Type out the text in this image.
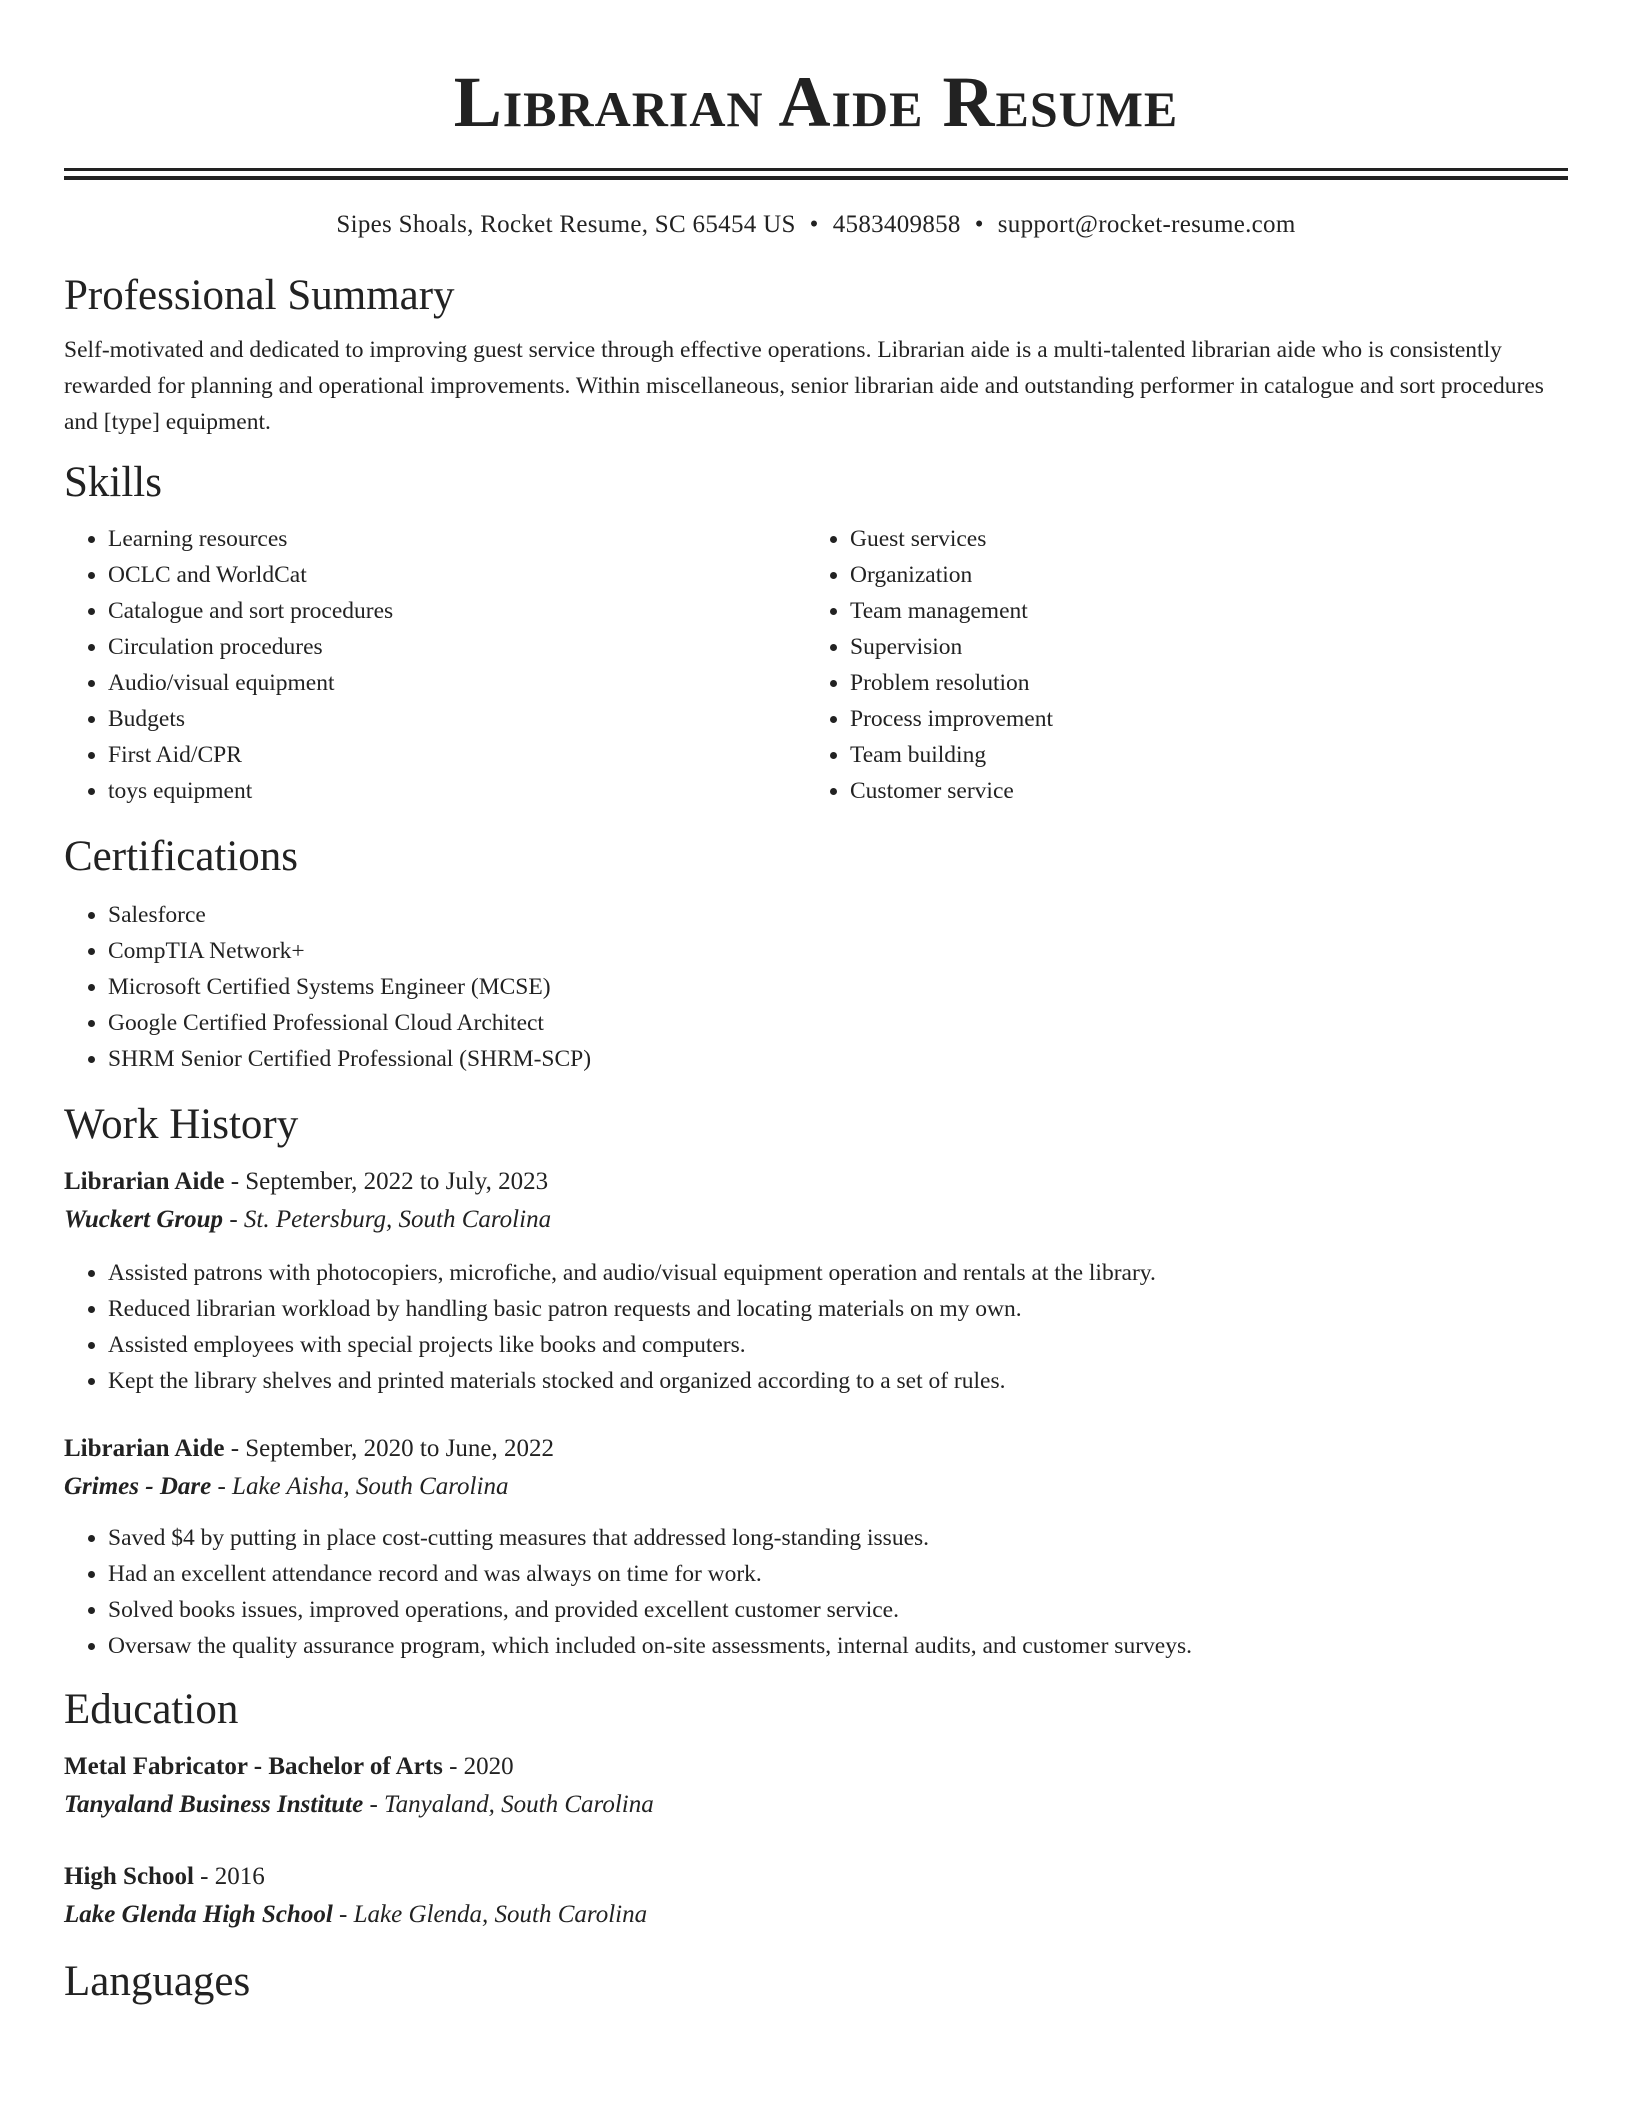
Librarian Aide Resume
Sipes Shoals, Rocket Resume, SC 65454 US • 4583409858 • support@rocket-resume.com
Professional Summary

Self-motivated and dedicated to improving guest service through effective operations. Librarian aide is a multi-talented librarian aide who is consistently rewarded for planning and operational improvements. Within miscellaneous, senior librarian aide and outstanding performer in catalogue and sort procedures and [type] equipment.

Skills
• Learning resources
• OCLC and WorldCat
• Catalogue and sort procedures
• Circulation procedures
• Audio/visual equipment
• Budgets
• First Aid/CPR
• toys equipment
• Guest services
• Organization
• Team management
• Supervision
• Problem resolution
• Process improvement
• Team building
• Customer service
Certifications
• Salesforce
• CompTIA Network+
• Microsoft Certified Systems Engineer (MCSE)
• Google Certified Professional Cloud Architect
• SHRM Senior Certified Professional (SHRM-SCP)
Work History
Librarian Aide - September, 2022 to July, 2023
Wuckert Group - St. Petersburg, South Carolina
• Assisted patrons with photocopiers, microfiche, and audio/visual equipment operation and rentals at the library.
• Reduced librarian workload by handling basic patron requests and locating materials on my own.
• Assisted employees with special projects like books and computers.
• Kept the library shelves and printed materials stocked and organized according to a set of rules.
Librarian Aide - September, 2020 to June, 2022
Grimes - Dare - Lake Aisha, South Carolina
• Saved $4 by putting in place cost-cutting measures that addressed long-standing issues.
• Had an excellent attendance record and was always on time for work.
• Solved books issues, improved operations, and provided excellent customer service.
• Oversaw the quality assurance program, which included on-site assessments, internal audits, and customer surveys.
Education
Metal Fabricator - Bachelor of Arts - 2020
Tanyaland Business Institute - Tanyaland, South Carolina
High School - 2016
Lake Glenda High School - Lake Glenda, South Carolina
Languages
